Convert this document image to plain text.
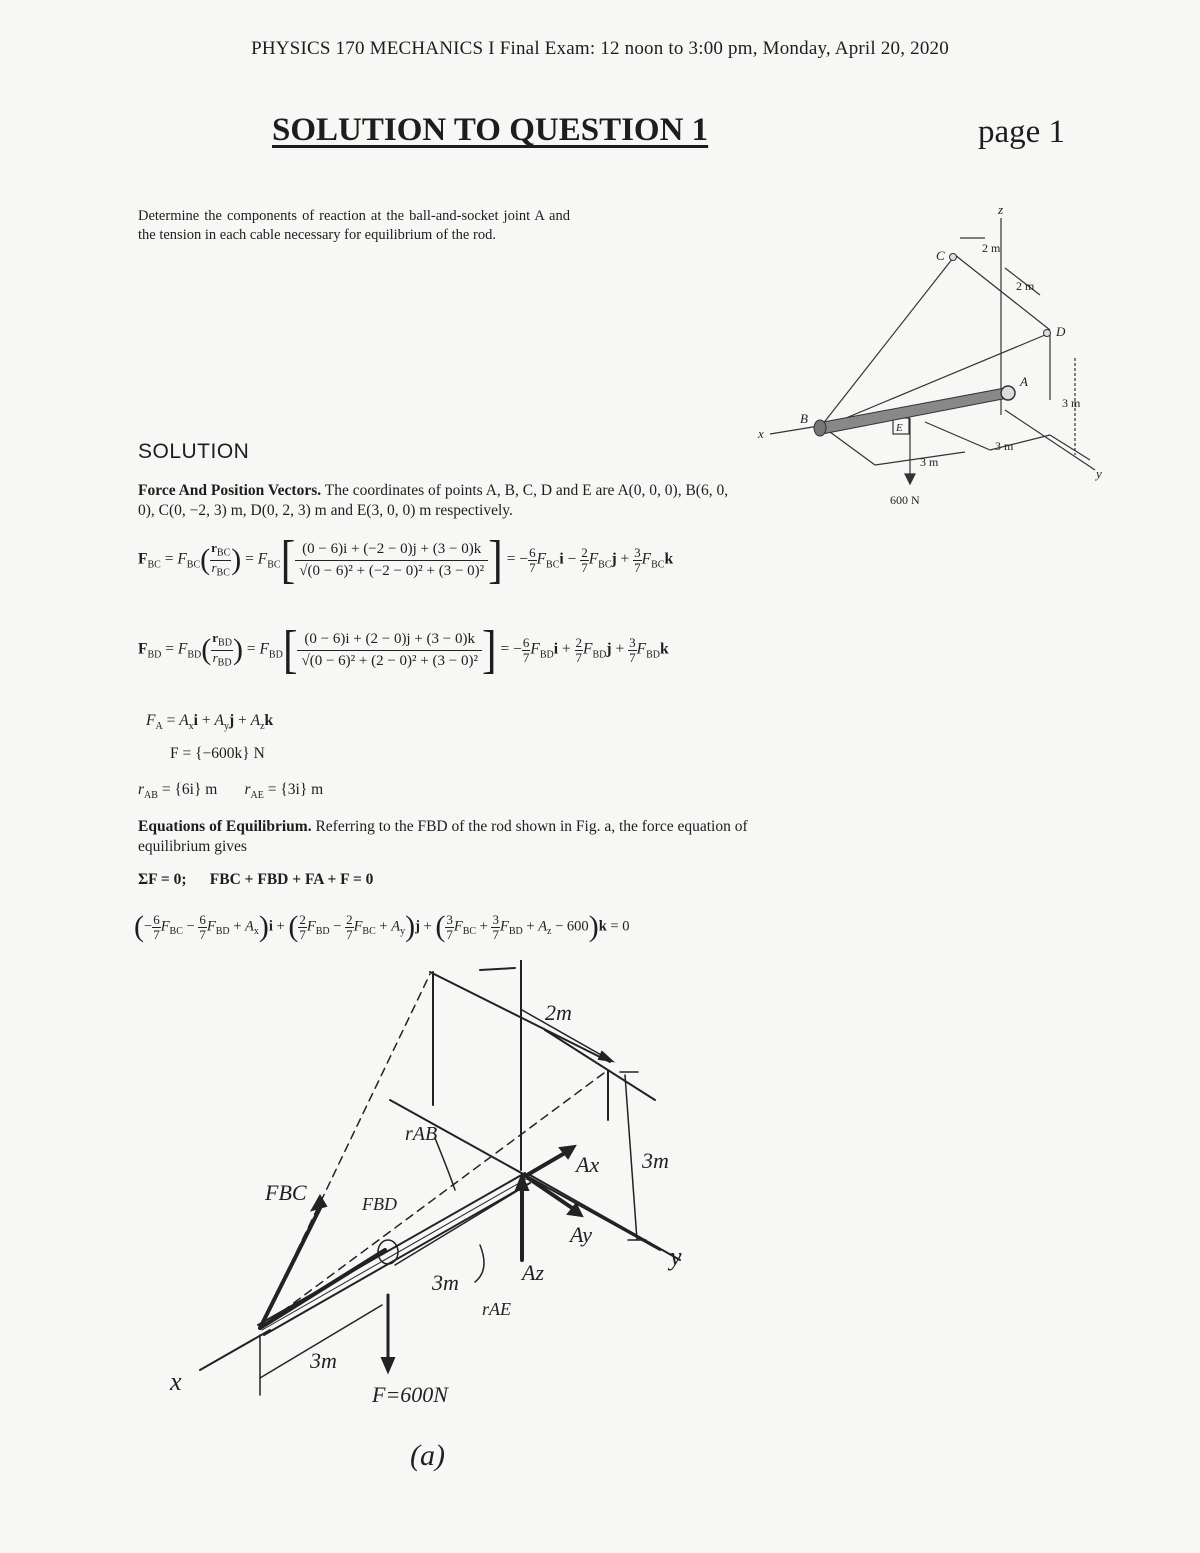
PHYSICS 170 MECHANICS I Final Exam: 12 noon to 3:00 pm, Monday, April 20, 2020
SOLUTION TO QUESTION 1	page 1
Determine the components of reaction at the ball-and-socket joint A and the tension in each cable necessary for equilibrium of the rod.
z
x
y
C
D
A
B
E
2 m
2 m
3 m
3 m
3 m
600 N
SOLUTION
Force And Position Vectors. The coordinates of points A, B, C, D and E are A(0, 0, 0), B(6, 0, 0), C(0, −2, 3) m, D(0, 2, 3) m and E(3, 0, 0) m respectively.
$F_{BC} = F_{BC}( \frac{r_{BC}}{r_{BC}}$ ) = $F_{BC}[ \frac{(0 - 6)i + (-2 - 0)j + (3 - 0)k}{\text{√(0 − 6)² + (−2 − 0)² + (3 − 0)²}}$ ] = − $\frac{6}{7} F_{BC}i - \frac{2}{7} F_{BC}j + \frac{3}{7} F_{BC}k$
$F_{BD} = F_{BD}( \frac{r_{BD}}{r_{BD}}$ ) = $F_{BD}[ \frac{(0 - 6)i + (2 - 0)j + (3 - 0)k}{\text{√(0 − 6)² + (2 − 0)² + (3 − 0)²}}$ ] = − $\frac{6}{7} F_{BD}i + \frac{2}{7} F_{BD}j + \frac{3}{7} F_{BD}k$
$F_A = A_xi + A_yj + A_zk$
F = {−600k} N
$r_{AB} = \{6i\}$ m $r_{AE} = \{3i\}$ m
Equations of Equilibrium. Referring to the FBD of the rod shown in Fig. a, the force equation of equilibrium gives
ΣF = 0; FBC + FBD + FA + F = 0
(− $\frac{6}{7} F_{BC} - \frac{6}{7} F_{BD} + A_x)i$ + ( $\frac{2}{7} F_{BD} - \frac{2}{7} F_{BC} + A_y)j$ + ( $\frac{3}{7} F_{BC} + \frac{3}{7} F_{BD} + A_z - 600)k = 0$
2m
3m
rAB
FBC	FBD
Ax
Ay
Az
y
x
3m
rAE
3m
F=600N
(a)
